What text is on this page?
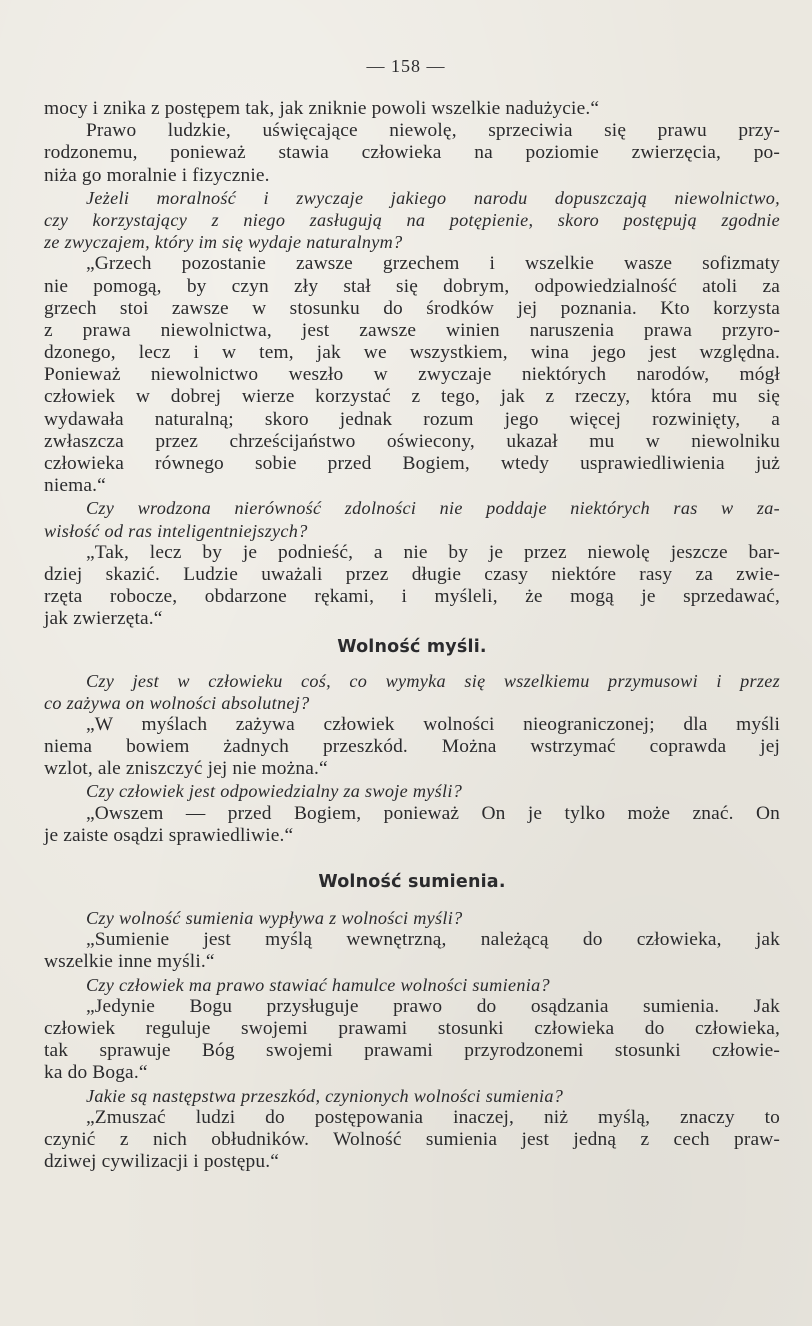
— 158 —
mocy i znika z postępem tak, jak zniknie powoli wszelkie nadużycie.“
Prawo ludzkie, uświęcające niewolę, sprzeciwia się prawu przy-
rodzonemu, ponieważ stawia człowieka na poziomie zwierzęcia, po-
niża go moralnie i fizycznie.
Jeżeli moralność i zwyczaje jakiego narodu dopuszczają niewolnictwo,
czy korzystający z niego zasługują na potępienie, skoro postępują zgodnie
ze zwyczajem, który im się wydaje naturalnym?
„Grzech pozostanie zawsze grzechem i wszelkie wasze sofizmaty
nie pomogą, by czyn zły stał się dobrym, odpowiedzialność atoli za
grzech stoi zawsze w stosunku do środków jej poznania. Kto korzysta
z prawa niewolnictwa, jest zawsze winien naruszenia prawa przyro-
dzonego, lecz i w tem, jak we wszystkiem, wina jego jest względna.
Ponieważ niewolnictwo weszło w zwyczaje niektórych narodów, mógł
człowiek w dobrej wierze korzystać z tego, jak z rzeczy, która mu się
wydawała naturalną; skoro jednak rozum jego więcej rozwinięty, a
zwłaszcza przez chrześcijaństwo oświecony, ukazał mu w niewolniku
człowieka równego sobie przed Bogiem, wtedy usprawiedliwienia już
niema.“
Czy wrodzona nierówność zdolności nie poddaje niektórych ras w za-
wisłość od ras inteligentniejszych?
„Tak, lecz by je podnieść, a nie by je przez niewolę jeszcze bar-
dziej skazić. Ludzie uważali przez długie czasy niektóre rasy za zwie-
rzęta robocze, obdarzone rękami, i myśleli, że mogą je sprzedawać,
jak zwierzęta.“
Wolność myśli.
Czy jest w człowieku coś, co wymyka się wszelkiemu przymusowi i przez
co zażywa on wolności absolutnej?
„W myślach zażywa człowiek wolności nieograniczonej; dla myśli
niema bowiem żadnych przeszkód. Można wstrzymać coprawda jej
wzlot, ale zniszczyć jej nie można.“
Czy człowiek jest odpowiedzialny za swoje myśli?
„Owszem — przed Bogiem, ponieważ On je tylko może znać. On
je zaiste osądzi sprawiedliwie.“
Wolność sumienia.
Czy wolność sumienia wypływa z wolności myśli?
„Sumienie jest myślą wewnętrzną, należącą do człowieka, jak
wszelkie inne myśli.“
Czy człowiek ma prawo stawiać hamulce wolności sumienia?
„Jedynie Bogu przysługuje prawo do osądzania sumienia. Jak
człowiek reguluje swojemi prawami stosunki człowieka do człowieka,
tak sprawuje Bóg swojemi prawami przyrodzonemi stosunki człowie-
ka do Boga.“
Jakie są następstwa przeszkód, czynionych wolności sumienia?
„Zmuszać ludzi do postępowania inaczej, niż myślą, znaczy to
czynić z nich obłudników. Wolność sumienia jest jedną z cech praw-
dziwej cywilizacji i postępu.“
